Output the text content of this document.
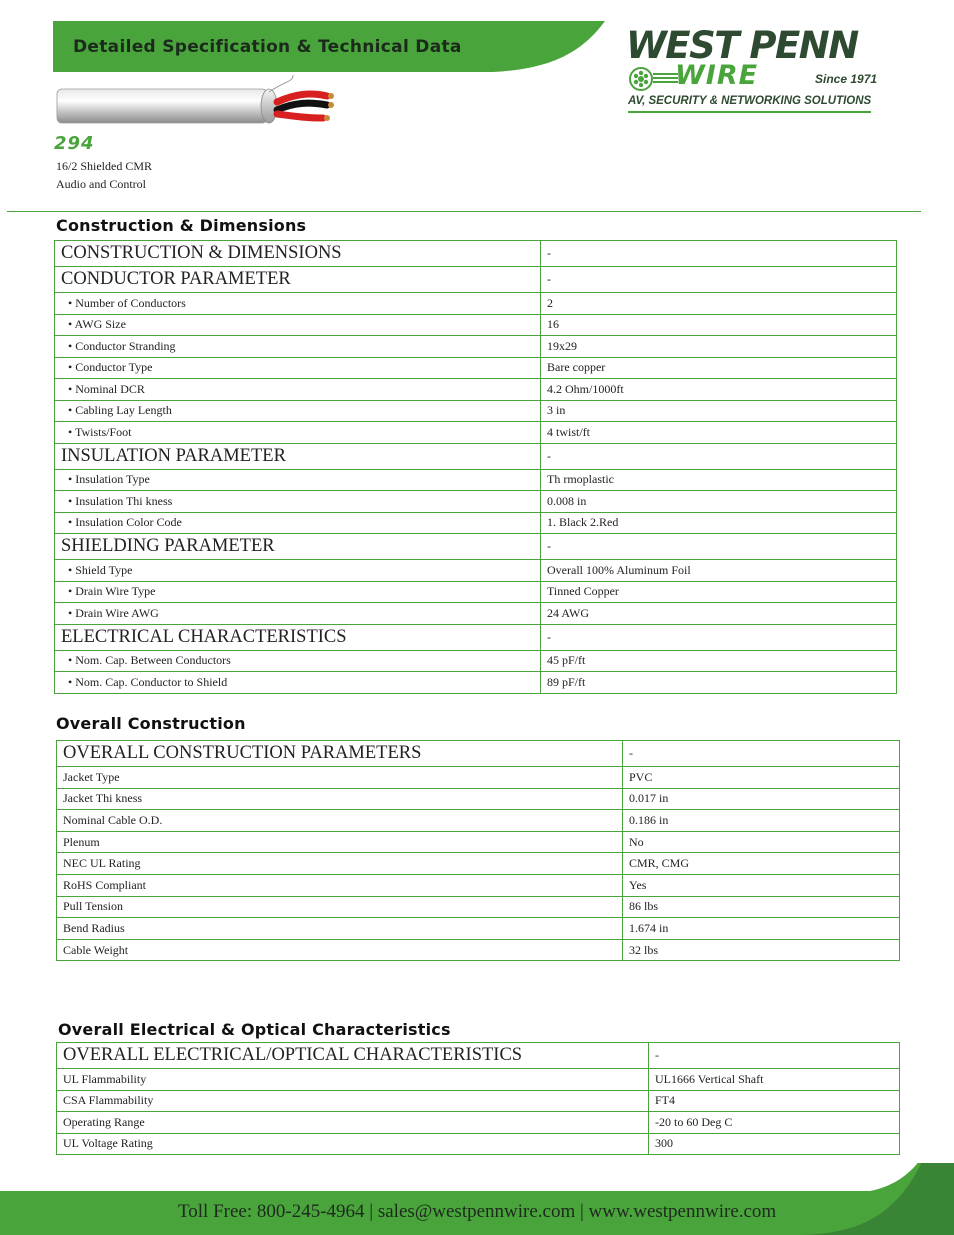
Detailed Specification & Technical Data	WEST PENN
WIRE	Since 1971
AV, SECURITY & NETWORKING SOLUTIONS
294
16/2 Shielded CMR
Audio and Control
Construction & Dimensions
CONSTRUCTION & DIMENSIONS	-
CONDUCTOR PARAMETER	-
• Number of Conductors	2
• AWG Size	16
• Conductor Stranding	19x29
• Conductor Type	Bare copper
• Nominal DCR	4.2 Ohm/1000ft
• Cabling Lay Length	3 in
• Twists/Foot	4 twist/ft
INSULATION PARAMETER	-
• Insulation Type	Th rmoplastic
• Insulation Thi kness	0.008 in
• Insulation Color Code	1. Black 2.Red
SHIELDING PARAMETER	-
• Shield Type	Overall 100% Aluminum Foil
• Drain Wire Type	Tinned Copper
• Drain Wire AWG	24 AWG
ELECTRICAL CHARACTERISTICS	-
• Nom. Cap. Between Conductors	45 pF/ft
• Nom. Cap. Conductor to Shield	89 pF/ft
Overall Construction
OVERALL CONSTRUCTION PARAMETERS	-
Jacket Type	PVC
Jacket Thi kness	0.017 in
Nominal Cable O.D.	0.186 in
Plenum	No
NEC UL Rating	CMR, CMG
RoHS Compliant	Yes
Pull Tension	86 lbs
Bend Radius	1.674 in
Cable Weight	32 lbs
Overall Electrical & Optical Characteristics
OVERALL ELECTRICAL/OPTICAL CHARACTERISTICS	-
UL Flammability	UL1666 Vertical Shaft
CSA Flammability	FT4
Operating Range	-20 to 60 Deg C
UL Voltage Rating	300
Toll Free: 800-245-4964 | sales@westpennwire.com | www.westpennwire.com
